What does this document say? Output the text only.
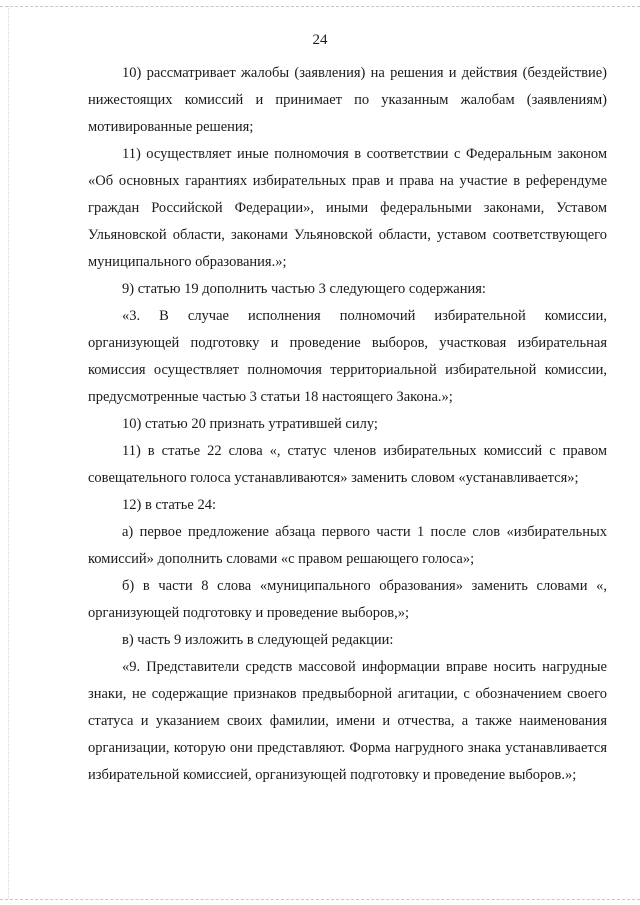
24

10) рассматривает жалобы (заявления) на решения и действия (бездействие) нижестоящих комиссий и принимает по указанным жалобам (заявлениям) мотивированные решения;

11) осуществляет иные полномочия в соответствии с Федеральным законом «Об основных гарантиях избирательных прав и права на участие в референдуме граждан Российской Федерации», иными федеральными законами, Уставом Ульяновской области, законами Ульяновской области, уставом соответствующего муниципального образования.»;

9) статью 19 дополнить частью 3 следующего содержания:

«3. В случае исполнения полномочий избирательной комиссии, организующей подготовку и проведение выборов, участковая избирательная комиссия осуществляет полномочия территориальной избирательной комиссии, предусмотренные частью 3 статьи 18 настоящего Закона.»;

10) статью 20 признать утратившей силу;

11) в статье 22 слова «, статус членов избирательных комиссий с правом совещательного голоса устанавливаются» заменить словом «устанавливается»;

12) в статье 24:

а) первое предложение абзаца первого части 1 после слов «избирательных комиссий» дополнить словами «с правом решающего голоса»;

б) в части 8 слова «муниципального образования» заменить словами «, организующей подготовку и проведение выборов,»;

в) часть 9 изложить в следующей редакции:

«9. Представители средств массовой информации вправе носить нагрудные знаки, не содержащие признаков предвыборной агитации, с обозначением своего статуса и указанием своих фамилии, имени и отчества, а также наименования организации, которую они представляют. Форма нагрудного знака устанавливается избирательной комиссией, организующей подготовку и проведение выборов.»;
